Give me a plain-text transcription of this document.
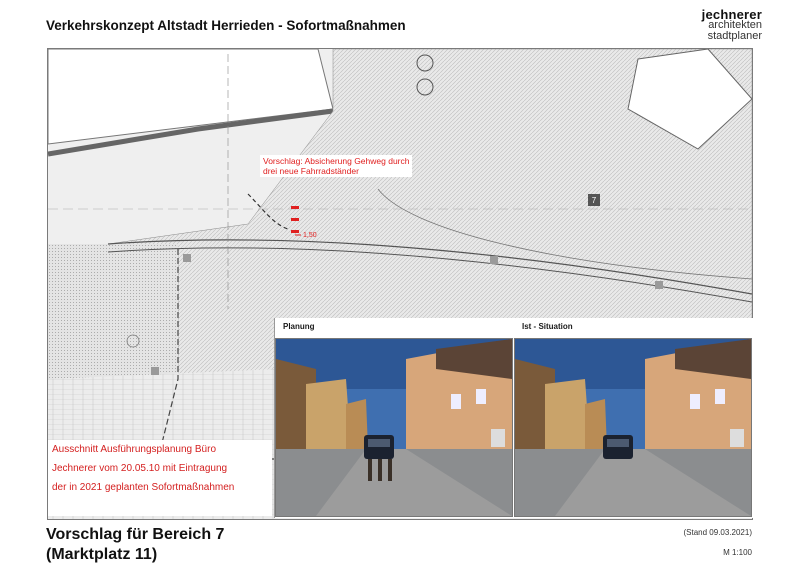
Verkehrskonzept Altstadt Herrieden - Sofortmaßnahmen
jechnerer
architekten
stadtplaner
7
1,50
Vorschlag: Absicherung Gehweg durch
drei neue Fahrradständer
Planung	Ist - Situation
Ausschnitt Ausführungsplanung Büro
Jechnerer vom 20.05.10 mit Eintragung
der in 2021 geplanten Sofortmaßnahmen
Vorschlag für Bereich 7
(Marktplatz 11)
(Stand 09.03.2021)
M 1:100
